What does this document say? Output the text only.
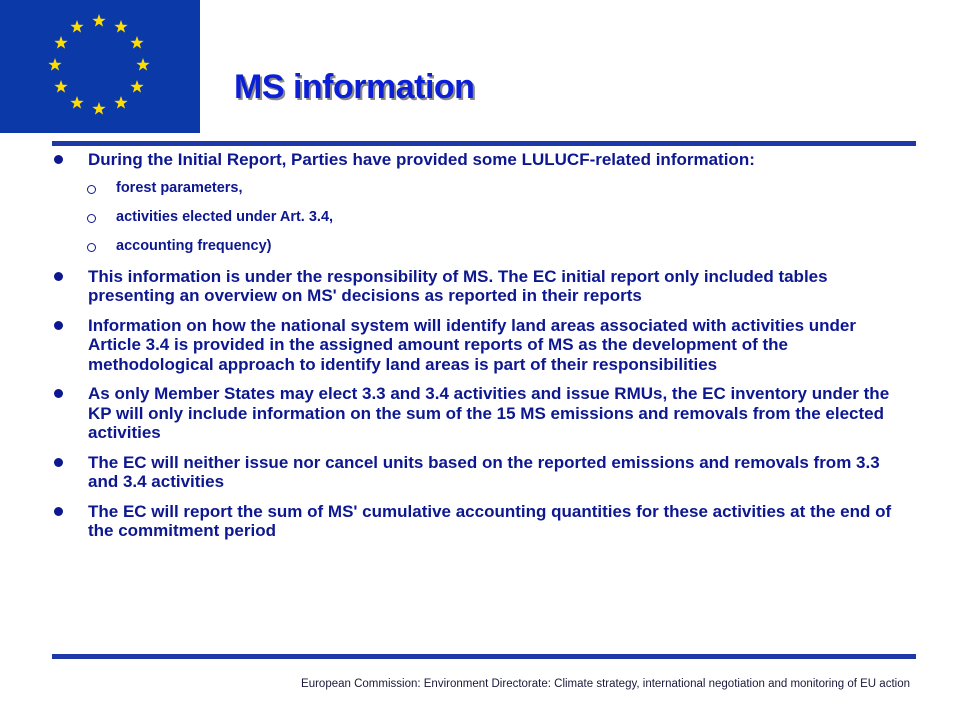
MS information
During the Initial Report, Parties have provided some LULUCF-related information:
forest parameters,
activities elected under Art. 3.4,
accounting frequency)
This information is under the responsibility of MS. The EC initial report only included tables presenting an overview on MS' decisions as reported in their reports
Information on how the national system will identify land areas associated with activities under Article 3.4 is provided in the assigned amount reports of MS as the development of the methodological approach to identify land areas is part of their responsibilities
As only Member States may elect 3.3 and 3.4 activities and issue RMUs, the EC inventory under the KP will only include information on the sum of the 15 MS emissions and removals from the elected activities
The EC will neither issue nor cancel units based on the reported emissions and removals from 3.3 and 3.4 activities
The EC will report the sum of MS' cumulative accounting quantities for these activities at the end of the commitment period
European Commission: Environment Directorate: Climate strategy, international negotiation and monitoring of EU action
